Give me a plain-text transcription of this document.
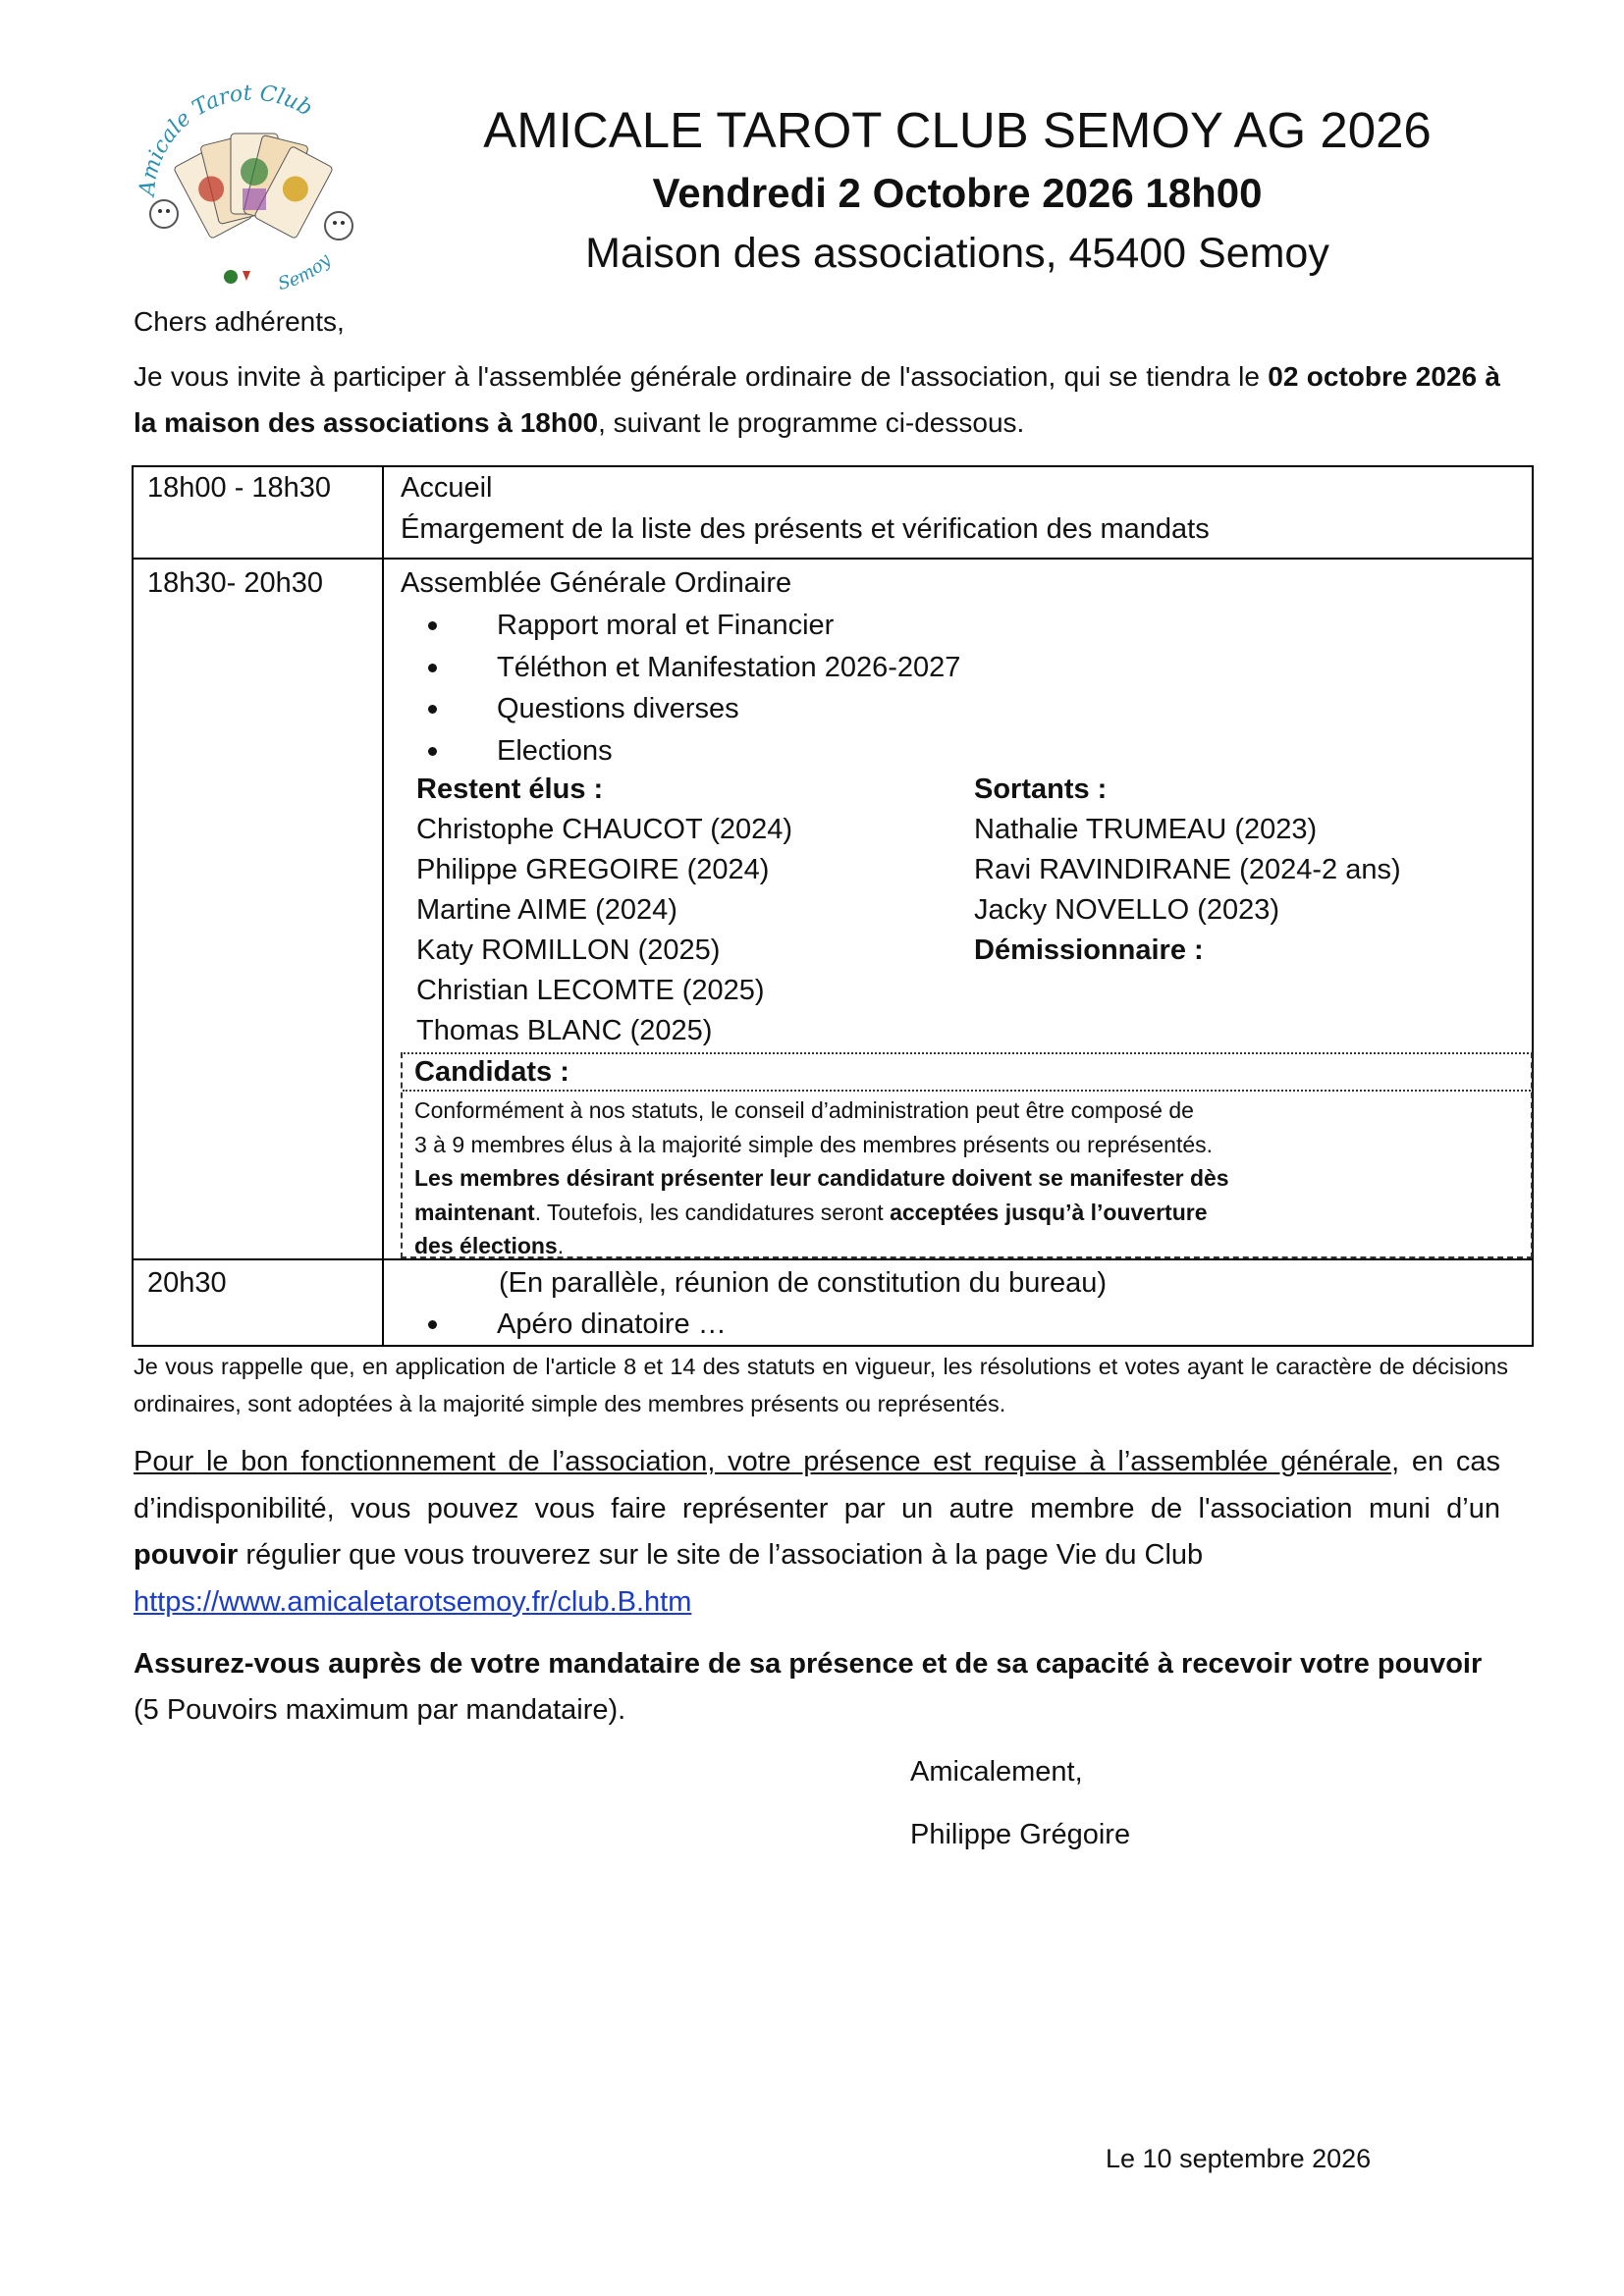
Amicale Tarot Club
Semoy
AMICALE TAROT CLUB SEMOY AG 2026
Vendredi 2 Octobre 2026 18h00
Maison des associations, 45400 Semoy
Chers adhérents,
Je vous invite à participer à l'assemblée générale ordinaire de l'association, qui se tiendra le 02 octobre 2026 à la maison des associations à 18h00, suivant le programme ci-dessous.
18h00 - 18h30 Accueil
Émargement de la liste des présents et vérification des mandats
18h30- 20h30	Assemblée Générale Ordinaire
Rapport moral et Financier
Téléthon et Manifestation 2026-2027
Questions diverses
Elections
Restent élus :
Christophe CHAUCOT (2024)
Philippe GREGOIRE (2024)
Martine AIME (2024)
Katy ROMILLON (2025)
Christian LECOMTE (2025)
Thomas BLANC (2025)
Sortants :
Nathalie TRUMEAU (2023)
Ravi RAVINDIRANE (2024-2 ans)
Jacky NOVELLO (2023)
Démissionnaire :
Candidats :

Conformément à nos statuts, le conseil d’administration peut être composé de

3 à 9 membres élus à la majorité simple des membres présents ou représentés.

Les membres désirant présenter leur candidature doivent se manifester dès

maintenant. Toutefois, les candidatures seront acceptées jusqu’à l’ouverture

des élections.

20h30	(En parallèle, réunion de constitution du bureau)
Apéro dinatoire …
Je vous rappelle que, en application de l'article 8 et 14 des statuts en vigueur, les résolutions et votes ayant le caractère de décisions ordinaires, sont adoptées à la majorité simple des membres présents ou représentés.

Pour le bon fonctionnement de l’association, votre présence est requise à l’assemblée générale, en cas d’indisponibilité, vous pouvez vous faire représenter par un autre membre de l'association muni d’un pouvoir régulier que vous trouverez sur le site de l’association à la page Vie du Club

https://www.amicaletarotsemoy.fr/club.B.htm

Assurez-vous auprès de votre mandataire de sa présence et de sa capacité à recevoir votre pouvoir

(5 Pouvoirs maximum par mandataire).

Amicalement,
Philippe Grégoire
Le 10 septembre 2026
